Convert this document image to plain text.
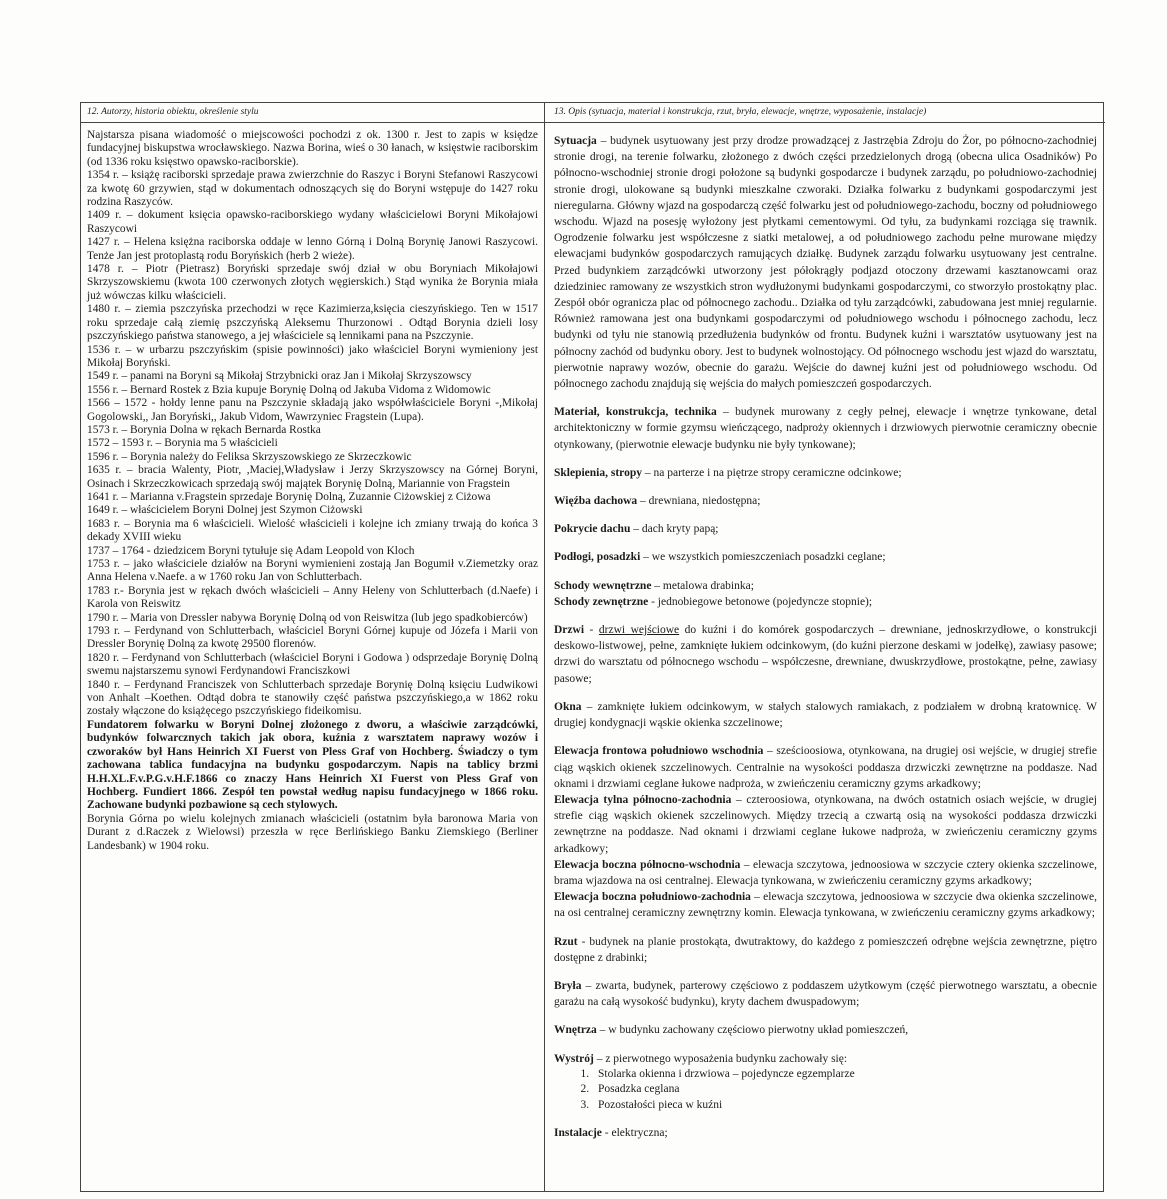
12. Autorzy, historia obiektu, określenie stylu

Najstarsza pisana wiadomość o miejscowości pochodzi z ok. 1300 r. Jest to zapis w księdze fundacyjnej biskupstwa wrocławskiego. Nazwa Borina, wieś o 30 łanach, w księstwie raciborskim (od 1336 roku księstwo opawsko-raciborskie).

1354 r. – książę raciborski sprzedaje prawa zwierzchnie do Raszyc i Boryni Stefanowi Raszycowi za kwotę 60 grzywien, stąd w dokumentach odnoszących się do Boryni wstępuje do 1427 roku rodzina Raszyców.

1409 r. – dokument księcia opawsko-raciborskiego wydany właścicielowi Boryni Mikołajowi Raszycowi

1427 r. – Helena księżna raciborska oddaje w lenno Górną i Dolną Borynię Janowi Raszycowi. Tenże Jan jest protoplastą rodu Boryńskich (herb 2 wieże).

1478 r. – Piotr (Pietrasz) Boryński sprzedaje swój dział w obu Boryniach Mikołajowi Skrzyszowskiemu (kwota 100 czerwonych złotych węgierskich.) Stąd wynika że Borynia miała już wówczas kilku właścicieli.

1480 r. – ziemia pszczyńska przechodzi w ręce Kazimierza,księcia cieszyńskiego. Ten w 1517 roku sprzedaje całą ziemię pszczyńską Aleksemu Thurzonowi . Odtąd Borynia dzieli losy pszczyńskiego państwa stanowego, a jej właściciele są lennikami pana na Pszczynie.

1536 r. – w urbarzu pszczyńskim (spisie powinności) jako właściciel Boryni wymieniony jest Mikołaj Boryński.

1549 r. – panami na Boryni są Mikołaj Strzybnicki oraz Jan i Mikołaj Skrzyszowscy

1556 r. – Bernard Rostek z Bzia kupuje Borynię Dolną od Jakuba Vidoma z Widomowic

1566 – 1572 - hołdy lenne panu na Pszczynie składają jako współwłaściciele Boryni -,Mikołaj Gogolowski,, Jan Boryński,, Jakub Vidom, Wawrzyniec Fragstein (Lupa).

1573 r. – Borynia Dolna w rękach Bernarda Rostka

1572 – 1593 r. – Borynia ma 5 właścicieli

1596 r. – Borynia należy do Feliksa Skrzyszowskiego ze Skrzeczkowic

1635 r. – bracia Walenty, Piotr, ,Maciej,Władysław i Jerzy Skrzyszowscy na Górnej Boryni, Osinach i Skrzeczkowicach sprzedają swój majątek Borynię Dolną, Mariannie von Fragstein

1641 r. – Marianna v.Fragstein sprzedaje Borynię Dolną, Zuzannie Ciżowskiej z Ciżowa

1649 r. – właścicielem Boryni Dolnej jest Szymon Ciżowski

1683 r. – Borynia ma 6 właścicieli. Wielość właścicieli i kolejne ich zmiany trwają do końca 3 dekady XVIII wieku

1737 – 1764 - dziedzicem Boryni tytułuje się Adam Leopold von Kloch

1753 r. – jako właściciele działów na Boryni wymienieni zostają Jan Bogumił v.Ziemetzky oraz Anna Helena v.Naefe. a w 1760 roku Jan von Schlutterbach.

1783 r.- Borynia jest w rękach dwóch właścicieli – Anny Heleny von Schlutterbach (d.Naefe) i Karola von Reiswitz

1790 r. – Maria von Dressler nabywa Borynię Dolną od von Reiswitza (lub jego spadkobierców)

1793 r. – Ferdynand von Schlutterbach, właściciel Boryni Górnej kupuje od Józefa i Marii von Dressler Borynię Dolną za kwotę 29500 florenów.

1820 r. – Ferdynand von Schlutterbach (właściciel Boryni i Godowa ) odsprzedaje Borynię Dolną swemu najstarszemu synowi Ferdynandowi Franciszkowi

1840 r. – Ferdynand Franciszek von Schlutterbach sprzedaje Borynię Dolną księciu Ludwikowi von Anhalt –Koethen. Odtąd dobra te stanowiły część państwa pszczyńskiego,a w 1862 roku zostały włączone do książęcego pszczyńskiego fideikomisu.

Fundatorem folwarku w Boryni Dolnej złożonego z dworu, a właściwie zarządcówki, budynków folwarcznych takich jak obora, kuźnia z warsztatem naprawy wozów i czworaków był Hans Heinrich XI Fuerst von Pless Graf von Hochberg. Świadczy o tym zachowana tablica fundacyjna na budynku gospodarczym. Napis na tablicy brzmi H.H.XL.F.v.P.G.v.H.F.1866 co znaczy Hans Heinrich XI Fuerst von Pless Graf von Hochberg. Fundiert 1866. Zespół ten powstał według napisu fundacyjnego w 1866 roku. Zachowane budynki pozbawione są cech stylowych.

Borynia Górna po wielu kolejnych zmianach właścicieli (ostatnim była baronowa Maria von Durant z d.Raczek z Wielowsi) przeszła w ręce Berlińskiego Banku Ziemskiego (Berliner Landesbank) w 1904 roku.

13. Opis (sytuacja, materiał i konstrukcja, rzut, bryła, elewacje, wnętrze, wyposażenie, instalacje)

Sytuacja – budynek usytuowany jest przy drodze prowadzącej z Jastrzębia Zdroju do Żor, po północno-zachodniej stronie drogi, na terenie folwarku, złożonego z dwóch części przedzielonych drogą (obecna ulica Osadników) Po północno-wschodniej stronie drogi położone są budynki gospodarcze i budynek zarządu, po południowo-zachodniej stronie drogi, ulokowane są budynki mieszkalne czworaki. Działka folwarku z budynkami gospodarczymi jest nieregularna. Główny wjazd na gospodarczą część folwarku jest od południowego-zachodu, boczny od południowego wschodu. Wjazd na posesję wyłożony jest płytkami cementowymi. Od tyłu, za budynkami rozciąga się trawnik. Ogrodzenie folwarku jest współczesne z siatki metalowej, a od południowego zachodu pełne murowane między elewacjami budynków gospodarczych ramujących działkę. Budynek zarządu folwarku usytuowany jest centralne. Przed budynkiem zarządcówki utworzony jest półokrągły podjazd otoczony drzewami kasztanowcami oraz dziedziniec ramowany ze wszystkich stron wydłużonymi budynkami gospodarczymi, co stworzyło prostokątny plac. Zespół obór ogranicza plac od północnego zachodu.. Działka od tyłu zarządcówki, zabudowana jest mniej regularnie. Również ramowana jest ona budynkami gospodarczymi od południowego wschodu i północnego zachodu, lecz budynki od tyłu nie stanowią przedłużenia budynków od frontu. Budynek kuźni i warsztatów usytuowany jest na północny zachód od budynku obory. Jest to budynek wolnostojący. Od północnego wschodu jest wjazd do warsztatu, pierwotnie naprawy wozów, obecnie do garażu. Wejście do dawnej kuźni jest od południowego wschodu. Od północnego zachodu znajdują się wejścia do małych pomieszczeń gospodarczych.

Materiał, konstrukcja, technika – budynek murowany z cegły pełnej, elewacje i wnętrze tynkowane, detal architektoniczny w formie gzymsu wieńczącego, nadproży okiennych i drzwiowych pierwotnie ceramiczny obecnie otynkowany, (pierwotnie elewacje budynku nie były tynkowane);

Sklepienia, stropy – na parterze i na piętrze stropy ceramiczne odcinkowe;

Więźba dachowa – drewniana, niedostępna;

Pokrycie dachu – dach kryty papą;

Podłogi, posadzki – we wszystkich pomieszczeniach posadzki ceglane;

Schody wewnętrzne – metalowa drabinka;

Schody zewnętrzne - jednobiegowe betonowe (pojedyncze stopnie);

Drzwi - drzwi wejściowe do kuźni i do komórek gospodarczych – drewniane, jednoskrzydłowe, o konstrukcji deskowo-listwowej, pełne, zamknięte łukiem odcinkowym, (do kuźni pierzone deskami w jodełkę), zawiasy pasowe; drzwi do warsztatu od północnego wschodu – współczesne, drewniane, dwuskrzydłowe, prostokątne, pełne, zawiasy pasowe;

Okna – zamknięte łukiem odcinkowym, w stałych stalowych ramiakach, z podziałem w drobną kratownicę. W drugiej kondygnacji wąskie okienka szczelinowe;

Elewacja frontowa południowo wschodnia – sześcioosiowa, otynkowana, na drugiej osi wejście, w drugiej strefie ciąg wąskich okienek szczelinowych. Centralnie na wysokości poddasza drzwiczki zewnętrzne na poddasze. Nad oknami i drzwiami ceglane łukowe nadproża, w zwieńczeniu ceramiczny gzyms arkadkowy;

Elewacja tylna północno-zachodnia – czteroosiowa, otynkowana, na dwóch ostatnich osiach wejście, w drugiej strefie ciąg wąskich okienek szczelinowych. Między trzecią a czwartą osią na wysokości poddasza drzwiczki zewnętrzne na poddasze. Nad oknami i drzwiami ceglane łukowe nadproża, w zwieńczeniu ceramiczny gzyms arkadkowy;

Elewacja boczna północno-wschodnia – elewacja szczytowa, jednoosiowa w szczycie cztery okienka szczelinowe, brama wjazdowa na osi centralnej. Elewacja tynkowana, w zwieńczeniu ceramiczny gzyms arkadkowy;

Elewacja boczna południowo-zachodnia – elewacja szczytowa, jednoosiowa w szczycie dwa okienka szczelinowe, na osi centralnej ceramiczny zewnętrzny komin. Elewacja tynkowana, w zwieńczeniu ceramiczny gzyms arkadkowy;

Rzut - budynek na planie prostokąta, dwutraktowy, do każdego z pomieszczeń odrębne wejścia zewnętrzne, piętro dostępne z drabinki;

Bryła – zwarta, budynek, parterowy częściowo z poddaszem użytkowym (część pierwotnego warsztatu, a obecnie garażu na całą wysokość budynku), kryty dachem dwuspadowym;

Wnętrza – w budynku zachowany częściowo pierwotny układ pomieszczeń,

Wystrój – z pierwotnego wyposażenia budynku zachowały się:

1. Stolarka okienna i drzwiowa – pojedyncze egzemplarze
2. Posadzka ceglana
3. Pozostałości pieca w kuźni

Instalacje - elektryczna;
